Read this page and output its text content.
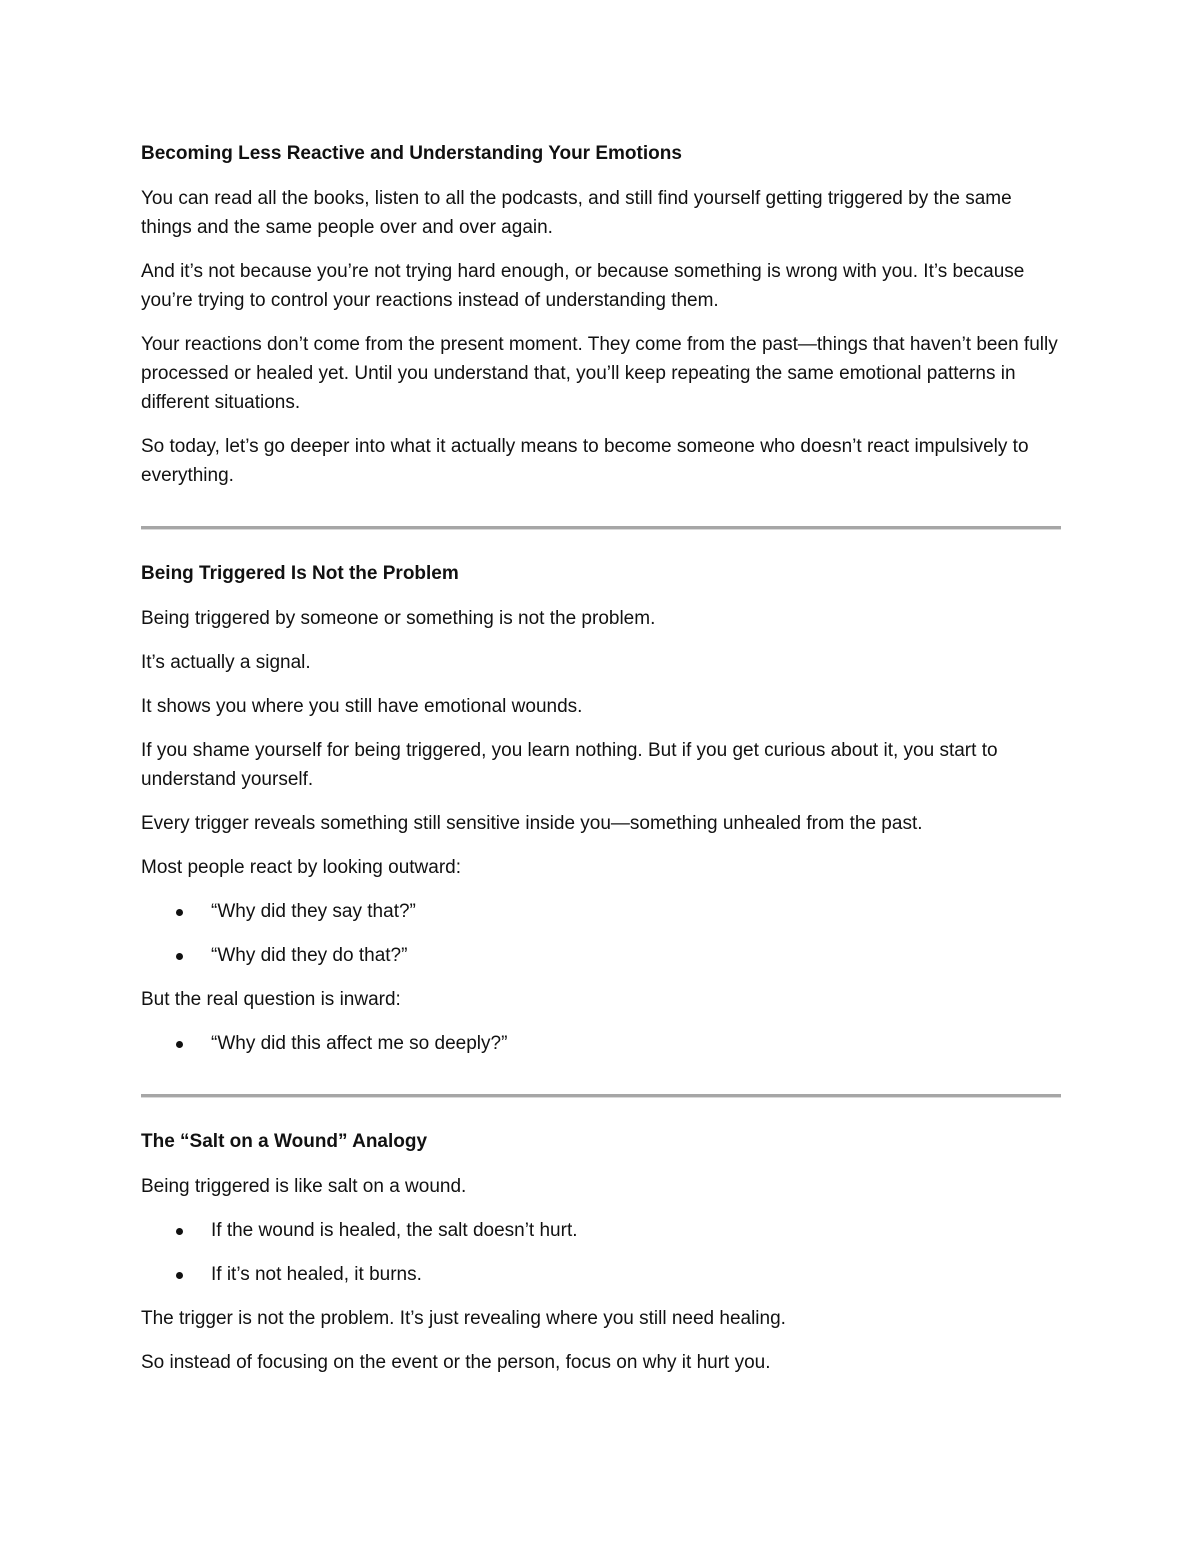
Becoming Less Reactive and Understanding Your Emotions

You can read all the books, listen to all the podcasts, and still find yourself getting triggered by the same things and the same people over and over again.

And it’s not because you’re not trying hard enough, or because something is wrong with you. It’s because you’re trying to control your reactions instead of understanding them.

Your reactions don’t come from the present moment. They come from the past—things that haven’t been fully processed or healed yet. Until you understand that, you’ll keep repeating the same emotional patterns in different situations.

So today, let’s go deeper into what it actually means to become someone who doesn’t react impulsively to everything.

Being Triggered Is Not the Problem

Being triggered by someone or something is not the problem.

It’s actually a signal.

It shows you where you still have emotional wounds.

If you shame yourself for being triggered, you learn nothing. But if you get curious about it, you start to understand yourself.

Every trigger reveals something still sensitive inside you—something unhealed from the past.

Most people react by looking outward:

“Why did they say that?”
“Why did they do that?”

But the real question is inward:

“Why did this affect me so deeply?”
The “Salt on a Wound” Analogy

Being triggered is like salt on a wound.

If the wound is healed, the salt doesn’t hurt.
If it’s not healed, it burns.

The trigger is not the problem. It’s just revealing where you still need healing.

So instead of focusing on the event or the person, focus on why it hurt you.
